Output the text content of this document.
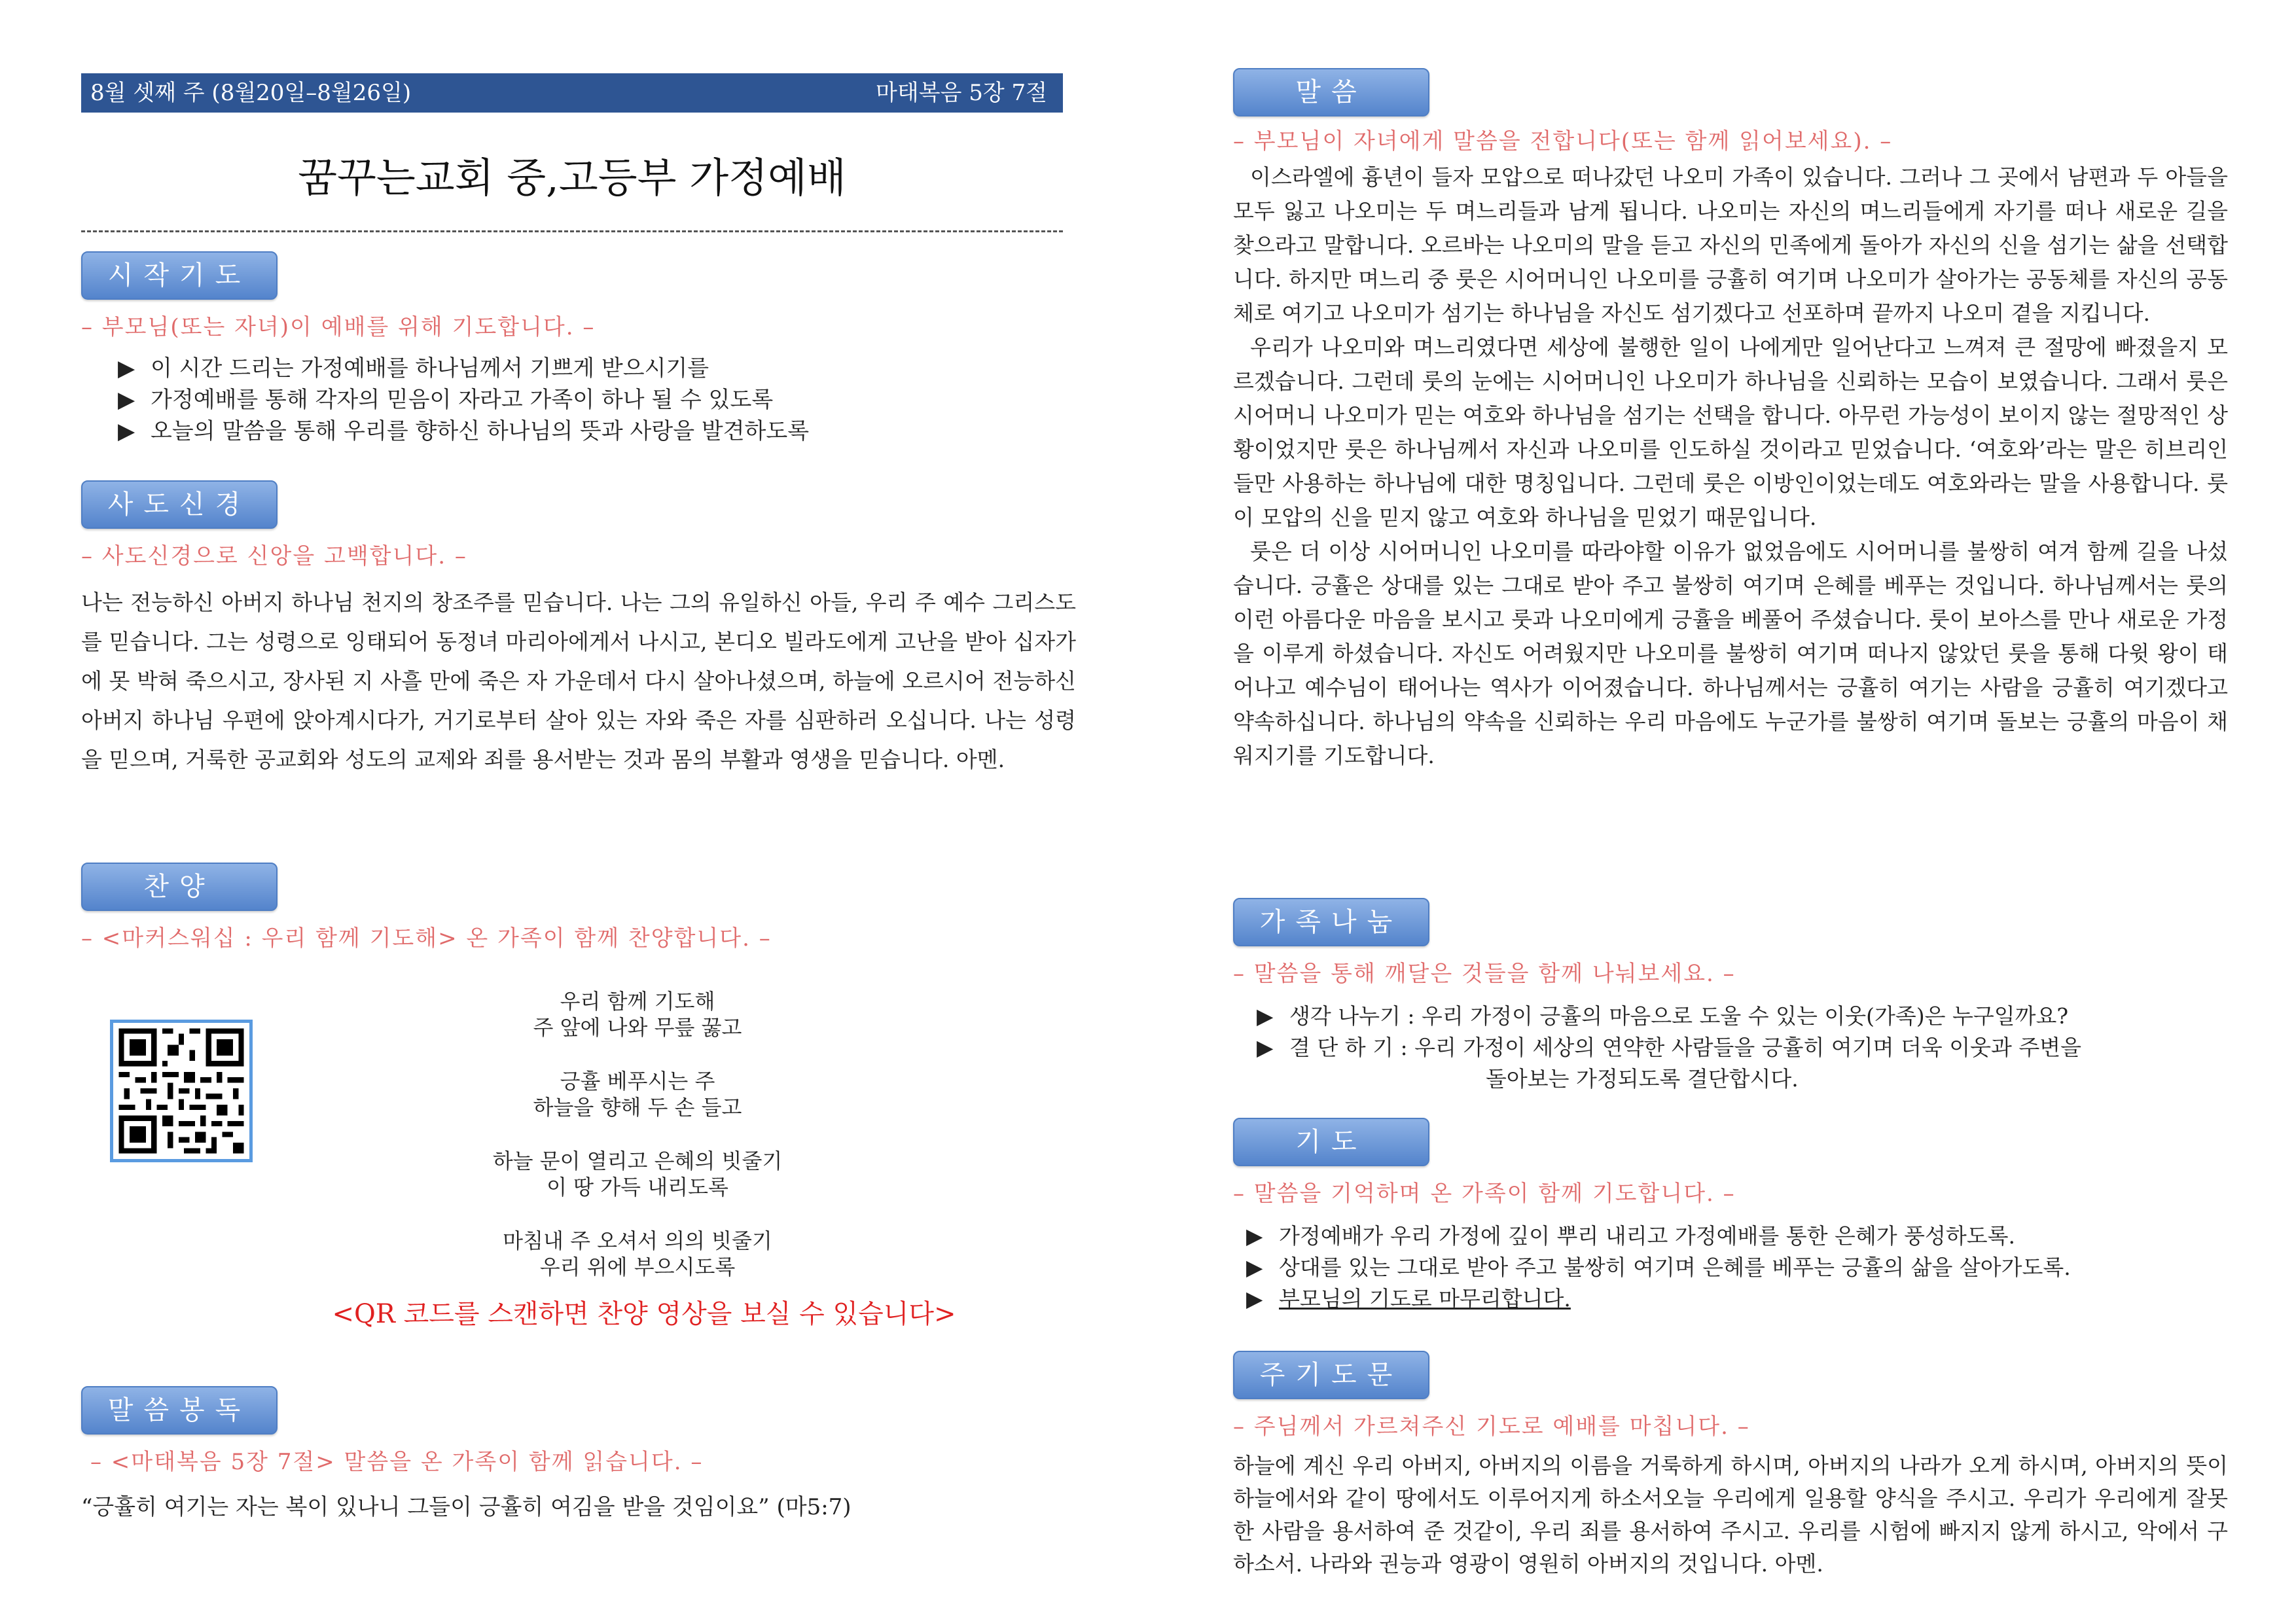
8월 셋째 주 (8월20일–8월26일)	마태복음 5장 7절
꿈꾸는교회 중,고등부 가정예배
시작기도
– 부모님(또는 자녀)이 예배를 위해 기도합니다. –
▶ 이 시간 드리는 가정예배를 하나님께서 기쁘게 받으시기를
▶ 가정예배를 통해 각자의 믿음이 자라고 가족이 하나 될 수 있도록
▶ 오늘의 말씀을 통해 우리를 향하신 하나님의 뜻과 사랑을 발견하도록
사도신경
– 사도신경으로 신앙을 고백합니다. –
나는 전능하신 아버지 하나님 천지의 창조주를 믿습니다. 나는 그의 유일하신 아들, 우리 주 예수 그리스도를 믿습니다. 그는 성령으로 잉태되어 동정녀 마리아에게서 나시고, 본디오 빌라도에게 고난을 받아 십자가에 못 박혀 죽으시고, 장사된 지 사흘 만에 죽은 자 가운데서 다시 살아나셨으며, 하늘에 오르시어 전능하신 아버지 하나님 우편에 앉아계시다가, 거기로부터 살아 있는 자와 죽은 자를 심판하러 오십니다. 나는 성령을 믿으며, 거룩한 공교회와 성도의 교제와 죄를 용서받는 것과 몸의 부활과 영생을 믿습니다. 아멘.
찬양
– <마커스워십 : 우리 함께 기도해> 온 가족이 함께 찬양합니다. –
우리 함께 기도해
주 앞에 나와 무릎 꿇고
긍휼 베푸시는 주
하늘을 향해 두 손 들고
하늘 문이 열리고 은혜의 빗줄기
이 땅 가득 내리도록
마침내 주 오셔서 의의 빗줄기
우리 위에 부으시도록
<QR 코드를 스캔하면 찬양 영상을 보실 수 있습니다>
말씀봉독
– <마태복음 5장 7절> 말씀을 온 가족이 함께 읽습니다. –
“긍휼히 여기는 자는 복이 있나니 그들이 긍휼히 여김을 받을 것임이요” (마5:7)
말씀
– 부모님이 자녀에게 말씀을 전합니다(또는 함께 읽어보세요). –
이스라엘에 흉년이 들자 모압으로 떠나갔던 나오미 가족이 있습니다. 그러나 그 곳에서 남편과 두 아들을 모두 잃고 나오미는 두 며느리들과 남게 됩니다. 나오미는 자신의 며느리들에게 자기를 떠나 새로운 길을 찾으라고 말합니다. 오르바는 나오미의 말을 듣고 자신의 민족에게 돌아가 자신의 신을 섬기는 삶을 선택합니다. 하지만 며느리 중 룻은 시어머니인 나오미를 긍휼히 여기며 나오미가 살아가는 공동체를 자신의 공동체로 여기고 나오미가 섬기는 하나님을 자신도 섬기겠다고 선포하며 끝까지 나오미 곁을 지킵니다.
우리가 나오미와 며느리였다면 세상에 불행한 일이 나에게만 일어난다고 느껴져 큰 절망에 빠졌을지 모르겠습니다. 그런데 룻의 눈에는 시어머니인 나오미가 하나님을 신뢰하는 모습이 보였습니다. 그래서 룻은 시어머니 나오미가 믿는 여호와 하나님을 섬기는 선택을 합니다. 아무런 가능성이 보이지 않는 절망적인 상황이었지만 룻은 하나님께서 자신과 나오미를 인도하실 것이라고 믿었습니다. ‘여호와’라는 말은 히브리인들만 사용하는 하나님에 대한 명칭입니다. 그런데 룻은 이방인이었는데도 여호와라는 말을 사용합니다. 룻이 모압의 신을 믿지 않고 여호와 하나님을 믿었기 때문입니다.
룻은 더 이상 시어머니인 나오미를 따라야할 이유가 없었음에도 시어머니를 불쌍히 여겨 함께 길을 나섰습니다. 긍휼은 상대를 있는 그대로 받아 주고 불쌍히 여기며 은혜를 베푸는 것입니다. 하나님께서는 룻의 이런 아름다운 마음을 보시고 룻과 나오미에게 긍휼을 베풀어 주셨습니다. 룻이 보아스를 만나 새로운 가정을 이루게 하셨습니다. 자신도 어려웠지만 나오미를 불쌍히 여기며 떠나지 않았던 룻을 통해 다윗 왕이 태어나고 예수님이 태어나는 역사가 이어졌습니다. 하나님께서는 긍휼히 여기는 사람을 긍휼히 여기겠다고 약속하십니다. 하나님의 약속을 신뢰하는 우리 마음에도 누군가를 불쌍히 여기며 돌보는 긍휼의 마음이 채워지기를 기도합니다.
가족나눔
– 말씀을 통해 깨달은 것들을 함께 나눠보세요. –
▶ 생각 나누기 : 우리 가정이 긍휼의 마음으로 도울 수 있는 이웃(가족)은 누구일까요?
▶ 결 단 하 기 : 우리 가정이 세상의 연약한 사람들을 긍휼히 여기며 더욱 이웃과 주변을
돌아보는 가정되도록 결단합시다.
기도
– 말씀을 기억하며 온 가족이 함께 기도합니다. –
▶ 가정예배가 우리 가정에 깊이 뿌리 내리고 가정예배를 통한 은혜가 풍성하도록.
▶ 상대를 있는 그대로 받아 주고 불쌍히 여기며 은혜를 베푸는 긍휼의 삶을 살아가도록.
▶ 부모님의 기도로 마무리합니다.
주기도문
– 주님께서 가르쳐주신 기도로 예배를 마칩니다. –
하늘에 계신 우리 아버지, 아버지의 이름을 거룩하게 하시며, 아버지의 나라가 오게 하시며, 아버지의 뜻이 하늘에서와 같이 땅에서도 이루어지게 하소서오늘 우리에게 일용할 양식을 주시고. 우리가 우리에게 잘못한 사람을 용서하여 준 것같이, 우리 죄를 용서하여 주시고. 우리를 시험에 빠지지 않게 하시고, 악에서 구하소서. 나라와 권능과 영광이 영원히 아버지의 것입니다. 아멘.
